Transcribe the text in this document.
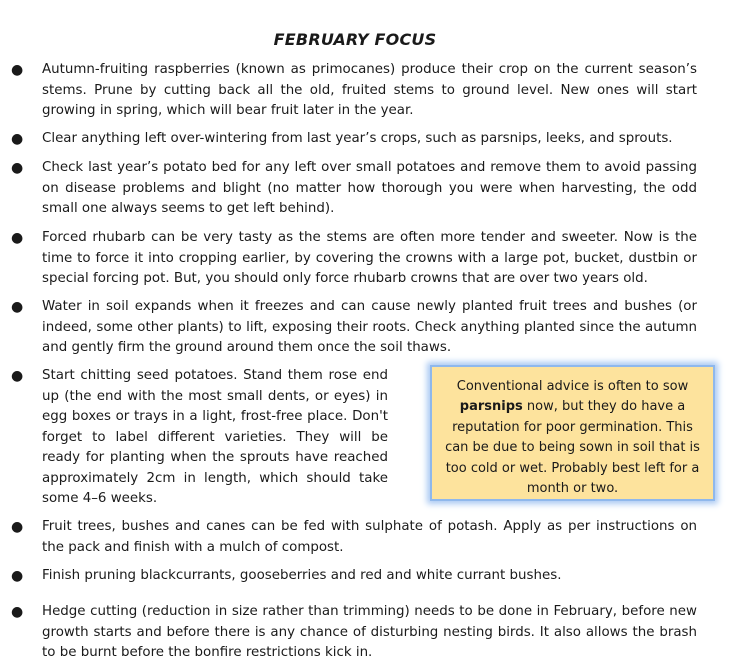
FEBRUARY FOCUS
● Autumn-fruiting raspberries (known as primocanes) produce their crop on the current season’s stems. Prune by cutting back all the old, fruited stems to ground level. New ones will start growing in spring, which will bear fruit later in the year.
● Clear anything left over-wintering from last year’s crops, such as parsnips, leeks, and sprouts.
● Check last year’s potato bed for any left over small potatoes and remove them to avoid passing on disease problems and blight (no matter how thorough you were when harvesting, the odd small one always seems to get left behind).
● Forced rhubarb can be very tasty as the stems are often more tender and sweeter. Now is the time to force it into cropping earlier, by covering the crowns with a large pot, bucket, dustbin or special forcing pot. But, you should only force rhubarb crowns that are over two years old.
● Water in soil expands when it freezes and can cause newly planted fruit trees and bushes (or indeed, some other plants) to lift, exposing their roots. Check anything planted since the autumn and gently firm the ground around them once the soil thaws.
● Start chitting seed potatoes. Stand them rose end up (the end with the most small dents, or eyes) in egg boxes or trays in a light, frost-free place. Don't forget to label different varieties. They will be ready for planting when the sprouts have reached approximately 2cm in length, which should take some 4–6 weeks.
Conventional advice is often to sow parsnips now, but they do have a reputation for poor germination. This can be due to being sown in soil that is too cold or wet. Probably best left for a month or two.
● Fruit trees, bushes and canes can be fed with sulphate of potash. Apply as per instructions on the pack and finish with a mulch of compost.
● Finish pruning blackcurrants, gooseberries and red and white currant bushes.
● Hedge cutting (reduction in size rather than trimming) needs to be done in February, before new growth starts and before there is any chance of disturbing nesting birds. It also allows the brash to be burnt before the bonfire restrictions kick in.
